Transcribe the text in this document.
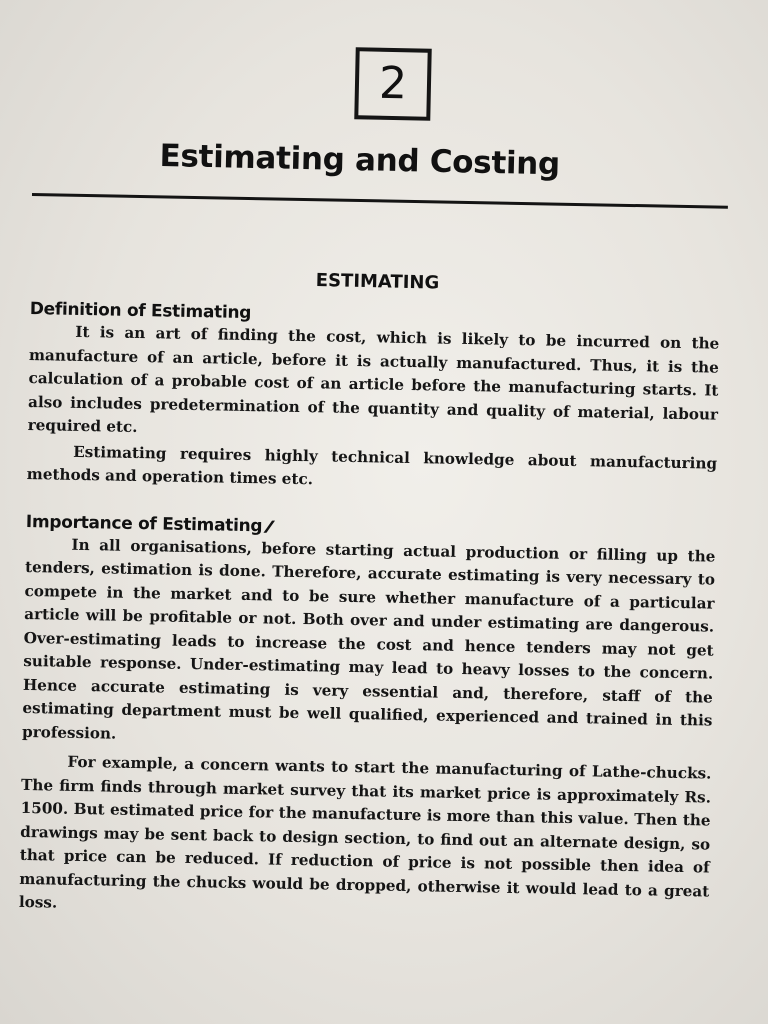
2
Estimating and Costing
ESTIMATING
Definition of Estimating

It is an art of finding the cost, which is likely to be incurred on the manufacture of an article, before it is actually manufactured. Thus, it is the calculation of a probable cost of an article before the manufacturing starts. It also includes predetermination of the quantity and quality of material, labour required etc.

Estimating requires highly technical knowledge about manufacturing methods and operation times etc.

Importance of Estimating//

In all organisations, before starting actual production or filling up the tenders, estimation is done. Therefore, accurate estimating is very necessary to compete in the market and to be sure whether manufacture of a particular article will be profitable or not. Both over and under estimating are dangerous. Over-estimating leads to increase the cost and hence tenders may not get suitable response. Under-estimating may lead to heavy losses to the concern. Hence accurate estimating is very essential and, therefore, staff of the estimating department must be well qualified, experienced and trained in this profession.

For example, a concern wants to start the manufacturing of Lathe-chucks. The firm finds through market survey that its market price is approximately Rs. 1500. But estimated price for the manufacture is more than this value. Then the drawings may be sent back to design section, to find out an alternate design, so that price can be reduced. If reduction of price is not possible then idea of manufacturing the chucks would be dropped, otherwise it would lead to a great loss.
